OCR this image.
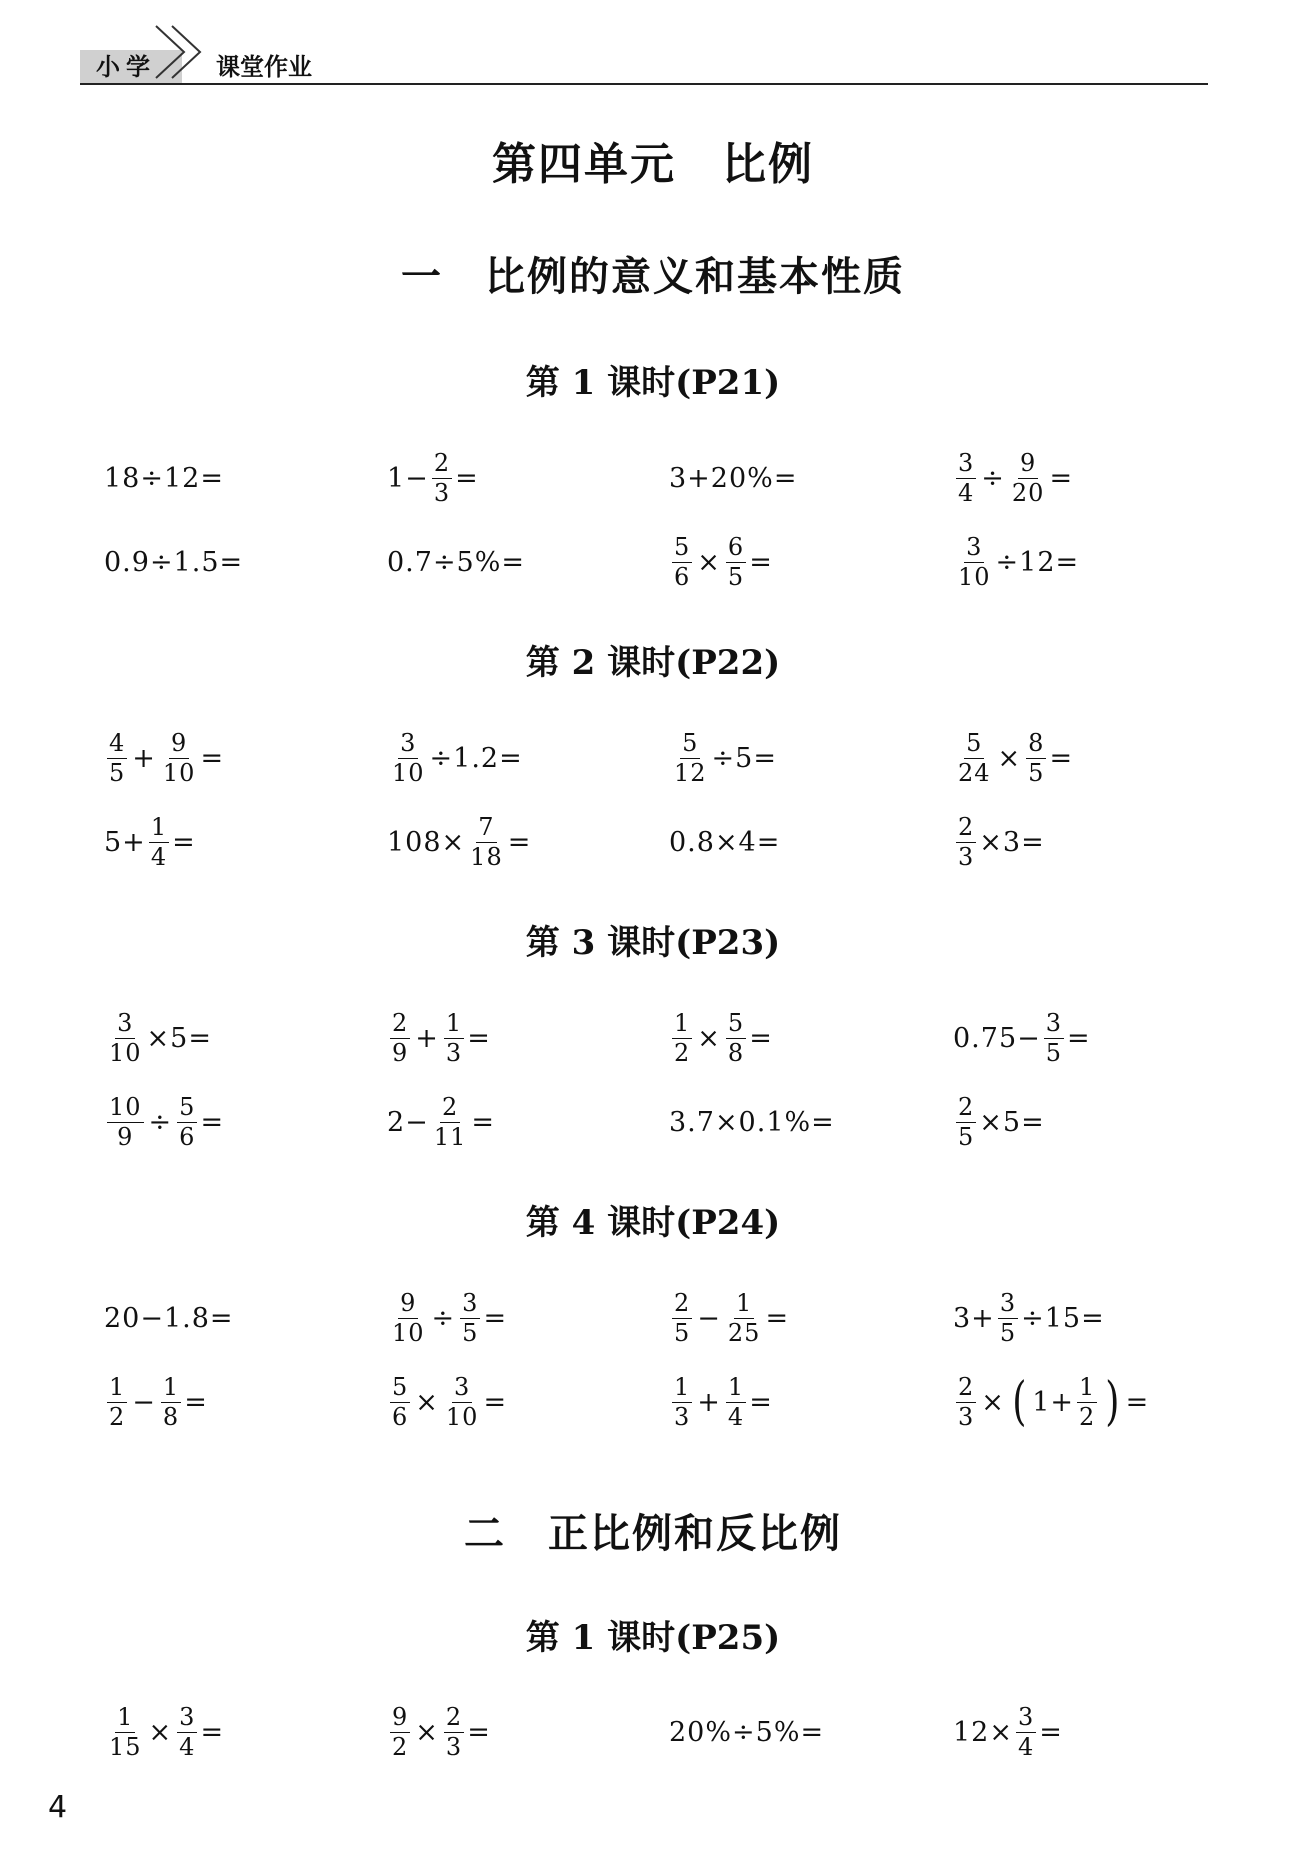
小学	课堂作业
第四单元　比例
一　比例的意义和基本性质
第 1 课时(P21)
18÷12=	$1- \frac{2}{3}$ =	3+20%=	$\frac{3}{4} \div \frac{9}{20}$ =
0.9÷1.5=	0.7÷5%=	$\frac{5}{6} \times \frac{6}{5}$ =	$\frac{3}{10} \div 12=$
第 2 课时(P22)
$\frac{4}{5} + \frac{9}{10}$ =	$\frac{3}{10} \div 1.2=$	$\frac{5}{12} \div 5=$	$\frac{5}{24} \times \frac{8}{5}$ =
$5+ \frac{1}{4}$ =	$108\times \frac{7}{18}$ =	0.8×4=	$\frac{2}{3} \times 3=$
第 3 课时(P23)
$\frac{3}{10} \times 5=$	$\frac{2}{9} + \frac{1}{3}$ =	$\frac{1}{2} \times \frac{5}{8}$ =	$0.75- \frac{3}{5}$ =
$\frac{10}{9} \div \frac{5}{6}$ =	$2- \frac{2}{11}$ =	3.7×0.1%=	$\frac{2}{5} \times 5=$
第 4 课时(P24)
20−1.8=	$\frac{9}{10} \div \frac{3}{5}$ =	$\frac{2}{5} - \frac{1}{25}$ =	$3+ \frac{3}{5} \div 15=$
$\frac{1}{2} - \frac{1}{8}$ =	$\frac{5}{6} \times \frac{3}{10}$ =	$\frac{1}{3} + \frac{1}{4}$ =	$\frac{2}{3}$ × ( $1+ \frac{1}{2}$ ) =
二　正比例和反比例
第 1 课时(P25)
$\frac{1}{15} \times \frac{3}{4}$ =	$\frac{9}{2} \times \frac{2}{3}$ =	20%÷5%=	$12\times \frac{3}{4}$ =
4
